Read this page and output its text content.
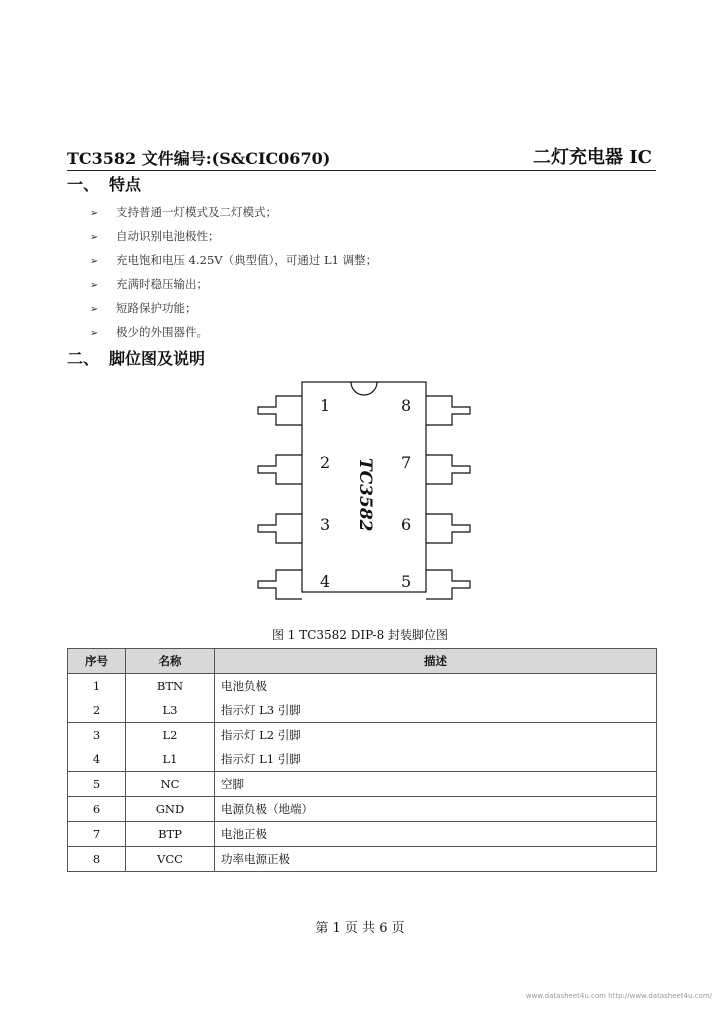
TC3582 文件编号:(S&CIC0670)	二灯充电器 IC
一、 特点
➢ 支持普通一灯模式及二灯模式；
➢ 自动识别电池极性；
➢ 充电饱和电压 4.25V（典型值），可通过 L1 调整；
➢ 充满时稳压输出；
➢ 短路保护功能；
➢ 极少的外围器件。
二、 脚位图及说明
1
2
3
4
8
7
6
5
TC3582
图 1 TC3582 DIP-8 封装脚位图
序号	名称	描述
1	BTN	电池负极
2	L3	指示灯 L3 引脚
3	L2	指示灯 L2 引脚
4	L1	指示灯 L1 引脚
5	NC	空脚
6	GND	电源负极（地端）
7	BTP	电池正极
8	VCC	功率电源正极
第 1 页 共 6 页
www.datasheet4u.com http://www.datasheet4u.com/
